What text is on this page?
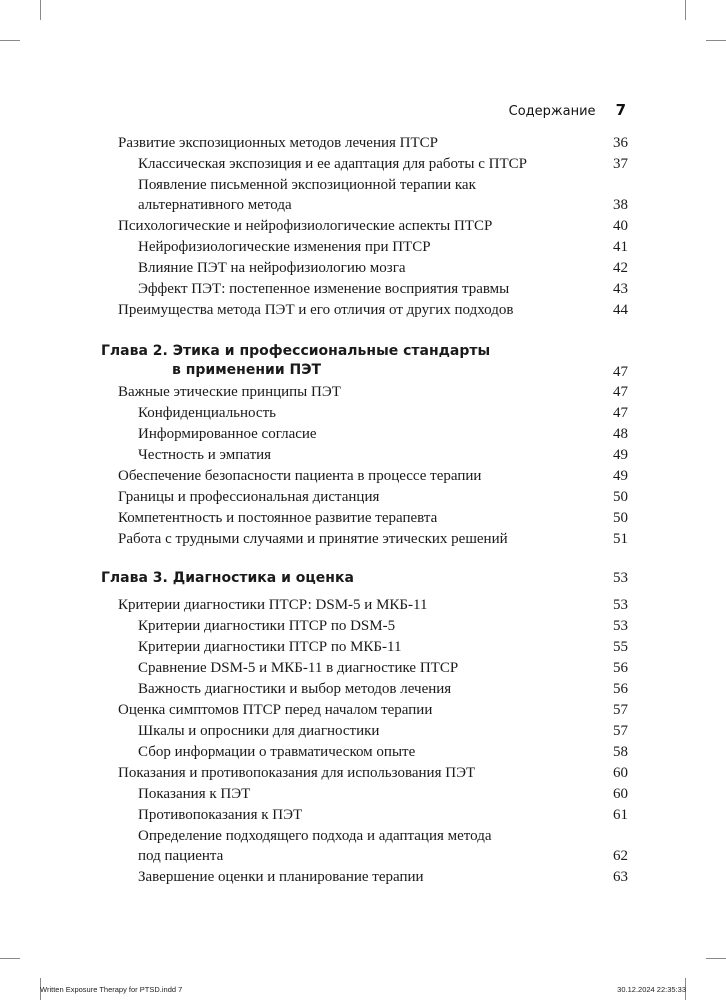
Содержание 7
Развитие экспозиционных методов лечения ПТСР	36
Классическая экспозиция и ее адаптация для работы с ПТСР	37
Появление письменной экспозиционной терапии как
альтернативного метода	38
Психологические и нейрофизиологические аспекты ПТСР	40
Нейрофизиологические изменения при ПТСР	41
Влияние ПЭТ на нейрофизиологию мозга	42
Эффект ПЭТ: постепенное изменение восприятия травмы	43
Преимущества метода ПЭТ и его отличия от других подходов	44
Глава 2. Этика и профессиональные стандарты
в применении ПЭТ	47
Важные этические принципы ПЭТ	47
Конфиденциальность	47
Информированное согласие	48
Честность и эмпатия	49
Обеспечение безопасности пациента в процессе терапии	49
Границы и профессиональная дистанция	50
Компетентность и постоянное развитие терапевта	50
Работа с трудными случаями и принятие этических решений	51
Глава 3. Диагностика и оценка	53
Критерии диагностики ПТСР: DSM-5 и МКБ-11	53
Критерии диагностики ПТСР по DSM-5	53
Критерии диагностики ПТСР по МКБ-11	55
Сравнение DSM-5 и МКБ-11 в диагностике ПТСР	56
Важность диагностики и выбор методов лечения	56
Оценка симптомов ПТСР перед началом терапии	57
Шкалы и опросники для диагностики	57
Сбор информации о травматическом опыте	58
Показания и противопоказания для использования ПЭТ	60
Показания к ПЭТ	60
Противопоказания к ПЭТ	61
Определение подходящего подхода и адаптация метода
под пациента	62
Завершение оценки и планирование терапии	63
Written Exposure Therapy for PTSD.indd 7	30.12.2024 22:35:33
